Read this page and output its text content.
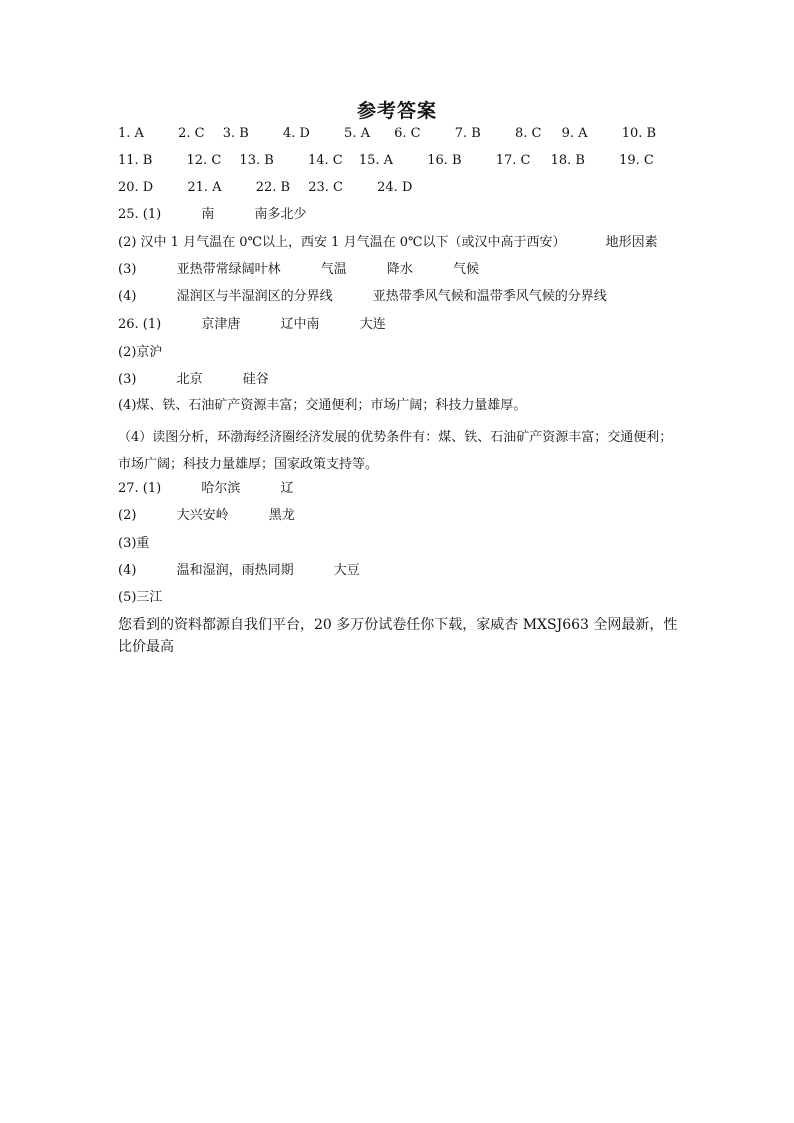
参考答案
1. A	2. C 3. B	4. D	5. A 6. C	7. B	8. C 9. A	10. B
11. B	12. C 13. B	14. C 15. A	16. B	17. C 18. B	19. C
20. D	21. A	22. B 23. C	24. D
25. (1)	南	南多北少
(2) 汉中 1 月气温在 0℃以上，西安 1 月气温在 0℃以下（或汉中高于西安）	地形因素
(3)	亚热带常绿阔叶林	气温	降水	气候
(4)	湿润区与半湿润区的分界线	亚热带季风气候和温带季风气候的分界线
26. (1)	京津唐	辽中南	大连
(2)京沪
(3)	北京	硅谷
(4)煤、铁、石油矿产资源丰富；交通便利；市场广阔；科技力量雄厚。
（4）读图分析，环渤海经济圈经济发展的优势条件有：煤、铁、石油矿产资源丰富；交通便利；市场广阔；科技力量雄厚；国家政策支持等。
27. (1)	哈尔滨	辽
(2)	大兴安岭	黑龙
(3)重
(4)	温和湿润，雨热同期	大豆
(5)三江
您看到的资料都源自我们平台，20 多万份试卷任你下载，家威杏 MXSJ663 全网最新，性比价最高
